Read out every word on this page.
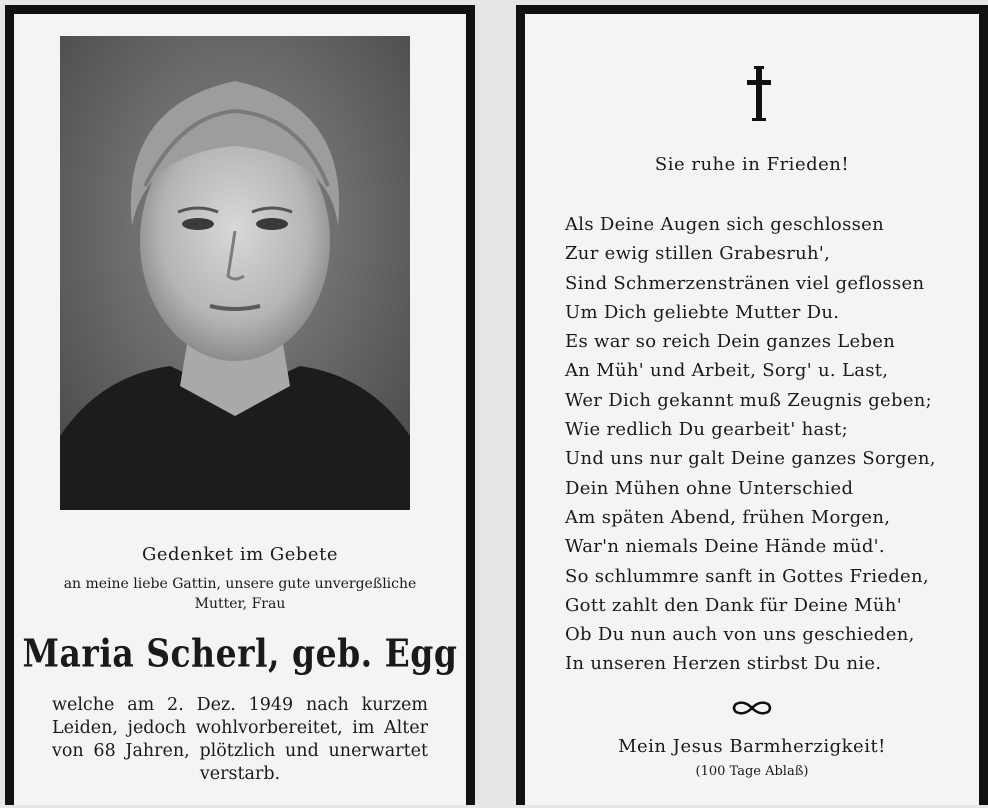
Gedenket im Gebete
an meine liebe Gattin, unsere gute unvergeßliche Mutter, Frau
Maria Scherl, geb. Egg
welche am 2. Dez. 1949 nach kurzem Leiden, jedoch wohlvorbereitet, im Alter von 68 Jahren, plötzlich und unerwartet verstarb.
Sie ruhe in Frieden!
Als Deine Augen sich geschlossen
Zur ewig stillen Grabesruh',
Sind Schmerzenstränen viel geflossen
Um Dich geliebte Mutter Du.
Es war so reich Dein ganzes Leben
An Müh' und Arbeit, Sorg' u. Last,
Wer Dich gekannt muß Zeugnis geben;
Wie redlich Du gearbeit' hast;
Und uns nur galt Deine ganzes Sorgen,
Dein Mühen ohne Unterschied
Am späten Abend, frühen Morgen,
War'n niemals Deine Hände müd'.
So schlummre sanft in Gottes Frieden,
Gott zahlt den Dank für Deine Müh'
Ob Du nun auch von uns geschieden,
In unseren Herzen stirbst Du nie.
Mein Jesus Barmherzigkeit!
(100 Tage Ablaß)
